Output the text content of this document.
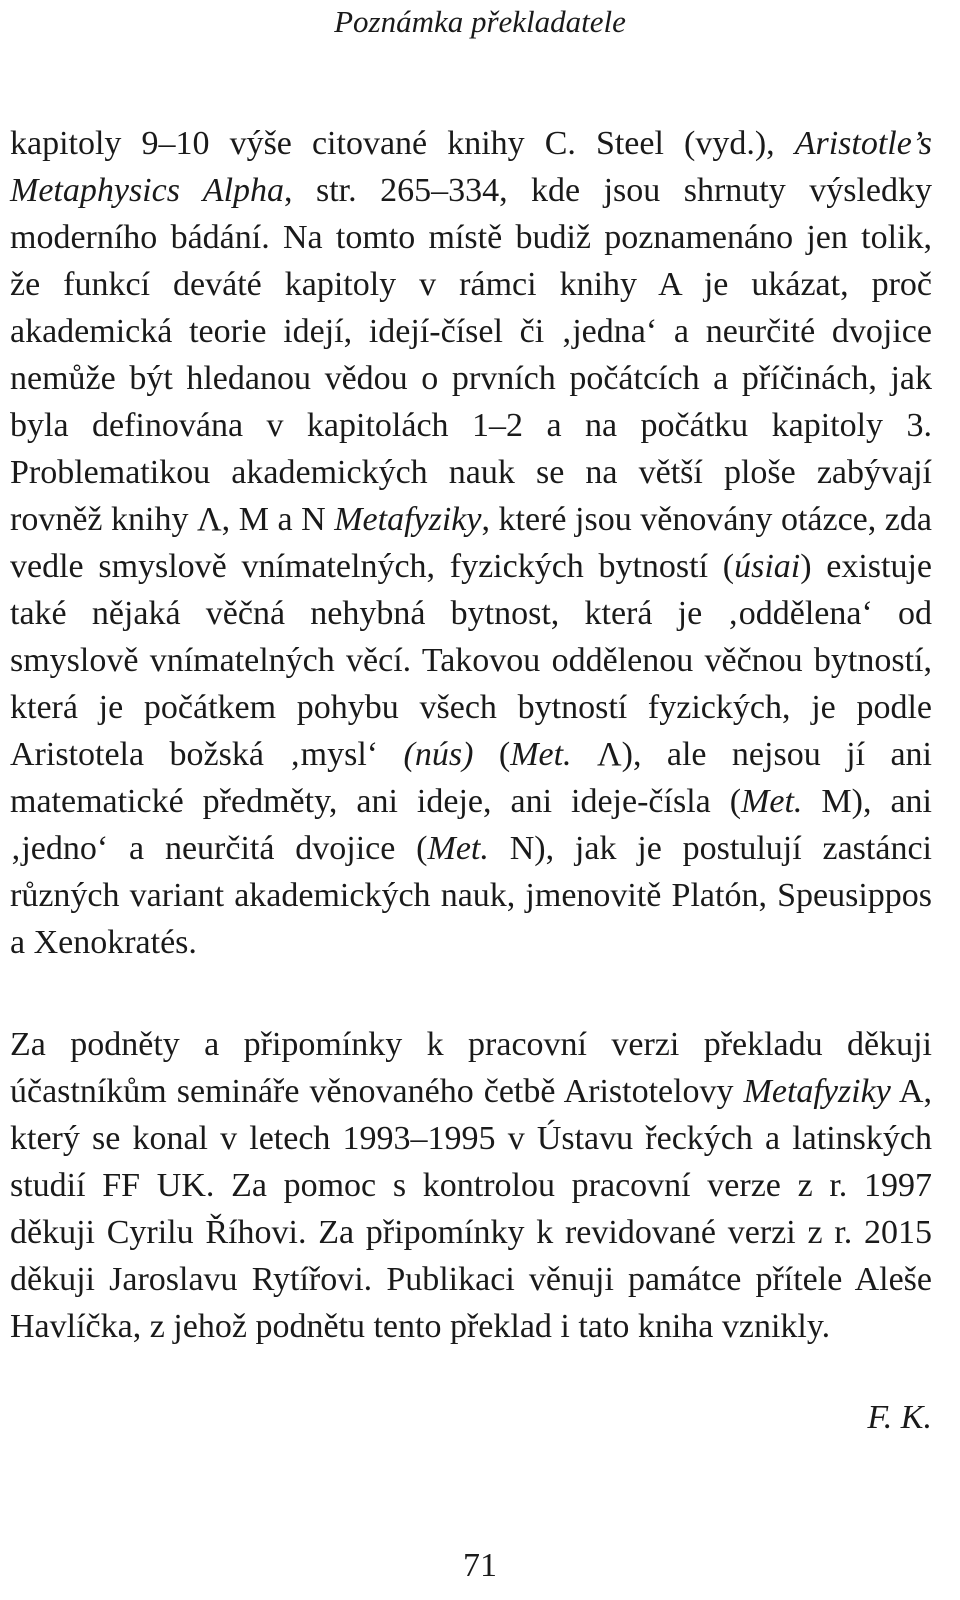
Poznámka překladatele

kapitoly 9–10 výše citované knihy C. Steel (vyd.), Aristotle’s Metaphysics Alpha, str. 265–334, kde jsou shrnuty výsledky moderního bádání. Na tomto místě budiž poznamenáno jen tolik, že funkcí deváté kapitoly v rámci knihy A je ukázat, proč akademická teorie idejí, idejí-čísel či ‚jedna‘ a neurčité dvojice nemůže být hledanou vědou o prvních počátcích a příčinách, jak byla definována v kapitolách 1–2 a na počátku kapitoly 3. Problematikou akademických nauk se na větší ploše zabývají rovněž knihy Λ, M a N Metafyziky, které jsou věnovány otázce, zda vedle smyslově vnímatelných, fyzických bytností (úsiai) existuje také nějaká věčná nehybná bytnost, která je ‚oddělena‘ od smyslově vnímatelných věcí. Takovou oddělenou věčnou bytností, která je počátkem pohybu všech bytností fyzických, je podle Aristotela božská ‚mysl‘ (nús) (Met. Λ), ale nejsou jí ani matematické předměty, ani ideje, ani ideje-čísla (Met. M), ani ‚jedno‘ a neurčitá dvojice (Met. N), jak je postulují zastánci různých variant akademických nauk, jmenovitě Platón, Speusippos a Xenokratés.

Za podněty a připomínky k pracovní verzi překladu děkuji účastníkům semináře věnovaného četbě Aristotelovy Metafyziky A, který se konal v letech 1993–1995 v Ústavu řeckých a latinských studií FF UK. Za pomoc s kontrolou pracovní verze z r. 1997 děkuji Cyrilu Říhovi. Za připomínky k revidované verzi z r. 2015 děkuji Jaroslavu Rytířovi. Publikaci věnuji památce přítele Aleše Havlíčka, z jehož podnětu tento překlad i tato kniha vznikly.

F. K.
71
